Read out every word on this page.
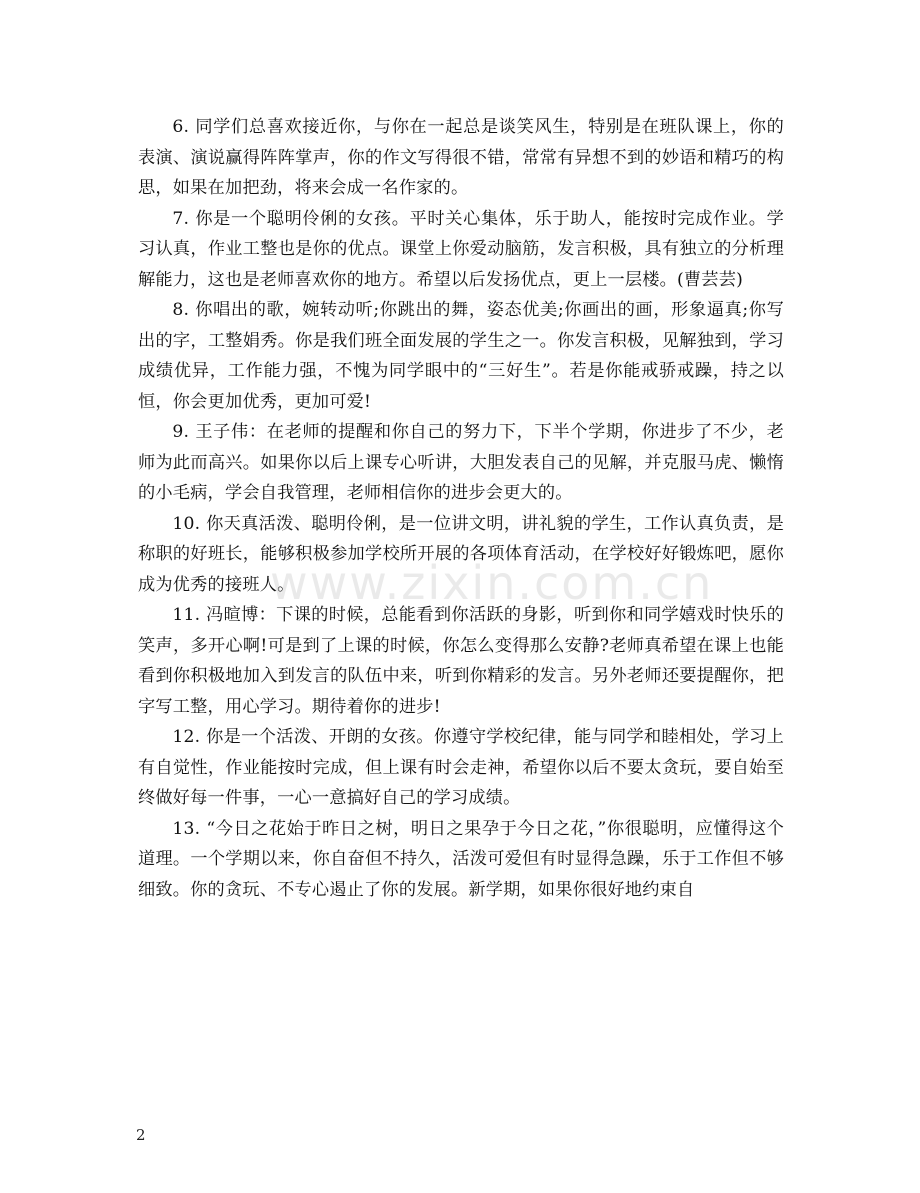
6. 同学们总喜欢接近你，与你在一起总是谈笑风生，特别是在班队课上，你的表演、演说赢得阵阵掌声，你的作文写得很不错，常常有异想不到的妙语和精巧的构思，如果在加把劲，将来会成一名作家的。

7. 你是一个聪明伶俐的女孩。平时关心集体，乐于助人，能按时完成作业。学习认真，作业工整也是你的优点。课堂上你爱动脑筋，发言积极，具有独立的分析理解能力，这也是老师喜欢你的地方。希望以后发扬优点，更上一层楼。(曹芸芸)

8. 你唱出的歌，婉转动听;你跳出的舞，姿态优美;你画出的画，形象逼真;你写出的字，工整娟秀。你是我们班全面发展的学生之一。你发言积极，见解独到，学习成绩优异，工作能力强，不愧为同学眼中的“三好生”。若是你能戒骄戒躁，持之以恒，你会更加优秀，更加可爱!

9. 王子伟：在老师的提醒和你自己的努力下，下半个学期，你进步了不少，老师为此而高兴。如果你以后上课专心听讲，大胆发表自己的见解，并克服马虎、懒惰的小毛病，学会自我管理，老师相信你的进步会更大的。

10. 你天真活泼、聪明伶俐，是一位讲文明，讲礼貌的学生，工作认真负责，是称职的好班长，能够积极参加学校所开展的各项体育活动，在学校好好锻炼吧，愿你成为优秀的接班人。

11. 冯暄博：下课的时候，总能看到你活跃的身影，听到你和同学嬉戏时快乐的笑声，多开心啊!可是到了上课的时候，你怎么变得那么安静?老师真希望在课上也能看到你积极地加入到发言的队伍中来，听到你精彩的发言。另外老师还要提醒你，把字写工整，用心学习。期待着你的进步!

12. 你是一个活泼、开朗的女孩。你遵守学校纪律，能与同学和睦相处，学习上有自觉性，作业能按时完成，但上课有时会走神，希望你以后不要太贪玩，要自始至终做好每一件事，一心一意搞好自己的学习成绩。

13. “今日之花始于昨日之树，明日之果孕于今日之花，”你很聪明，应懂得这个道理。一个学期以来，你自奋但不持久，活泼可爱但有时显得急躁，乐于工作但不够细致。你的贪玩、不专心遏止了你的发展。新学期，如果你很好地约束自

www.zixin.com.cn
2
